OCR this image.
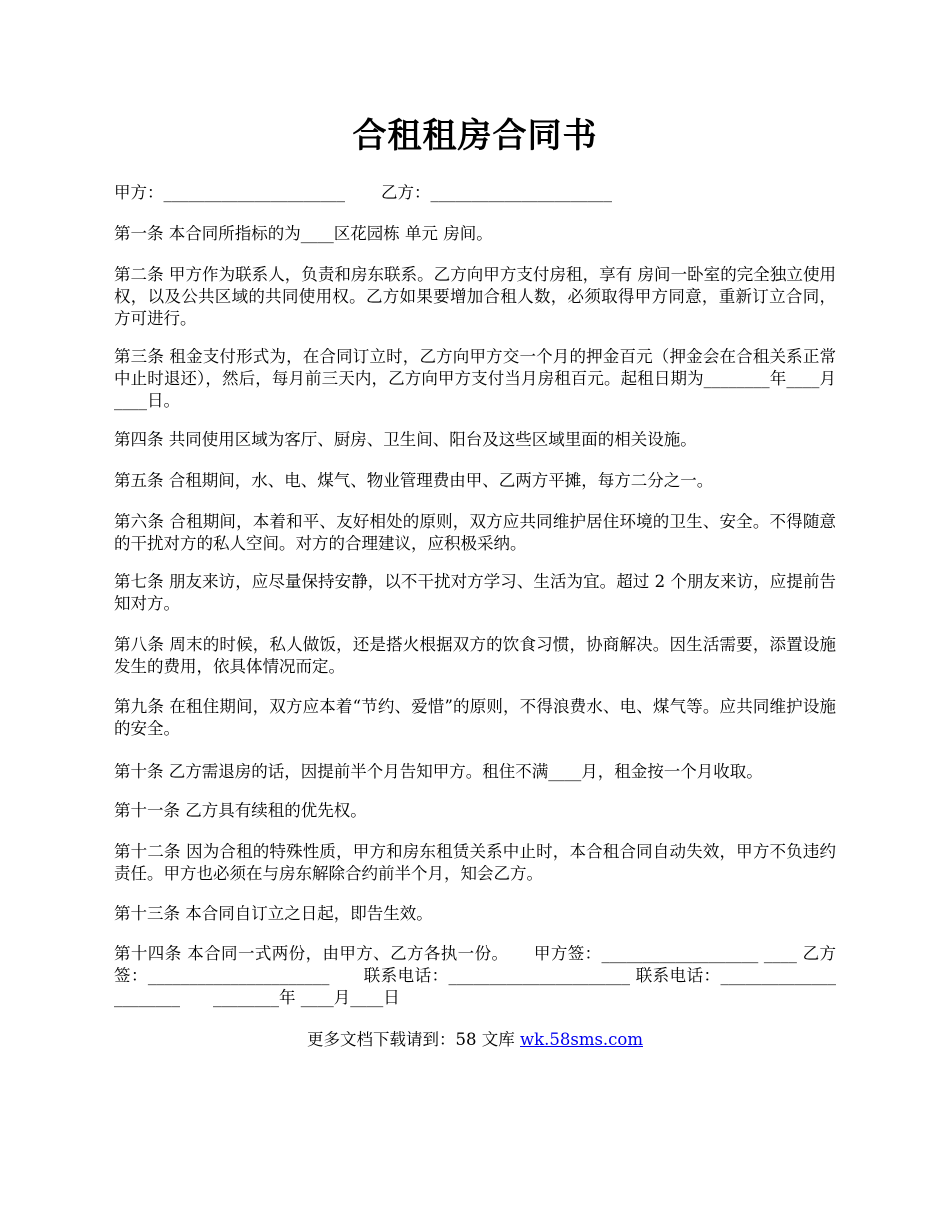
合租租房合同书
甲方：______________________ 乙方：______________________

第一条 本合同所指标的为____区花园栋 单元 房间。

第二条 甲方作为联系人，负责和房东联系。乙方向甲方支付房租，享有 房间一卧室的完全独立使用权，以及公共区域的共同使用权。乙方如果要增加合租人数，必须取得甲方同意，重新订立合同，方可进行。

第三条 租金支付形式为，在合同订立时，乙方向甲方交一个月的押金百元（押金会在合租关系正常中止时退还），然后，每月前三天内，乙方向甲方支付当月房租百元。起租日期为________年____月____日。

第四条 共同使用区域为客厅、厨房、卫生间、阳台及这些区域里面的相关设施。

第五条 合租期间，水、电、煤气、物业管理费由甲、乙两方平摊，每方二分之一。

第六条 合租期间，本着和平、友好相处的原则，双方应共同维护居住环境的卫生、安全。不得随意的干扰对方的私人空间。对方的合理建议，应积极采纳。

第七条 朋友来访，应尽量保持安静，以不干扰对方学习、生活为宜。超过 2 个朋友来访，应提前告知对方。

第八条 周末的时候，私人做饭，还是搭火根据双方的饮食习惯，协商解决。因生活需要，添置设施发生的费用，依具体情况而定。

第九条 在租住期间，双方应本着“节约、爱惜”的原则，不得浪费水、电、煤气等。应共同维护设施的安全。

第十条 乙方需退房的话，因提前半个月告知甲方。租住不满____月，租金按一个月收取。

第十一条 乙方具有续租的优先权。

第十二条 因为合租的特殊性质，甲方和房东租赁关系中止时，本合租合同自动失效，甲方不负违约责任。甲方也必须在与房东解除合约前半个月，知会乙方。

第十三条 本合同自订立之日起，即告生效。

第十四条 本合同一式两份，由甲方、乙方各执一份。　　甲方签：___________________ ____ 乙方签：______________________　　联系电话：______________________ 联系电话：______________________　　________年 ____月____日

更多文档下载请到：58 文库 wk.58sms.com
